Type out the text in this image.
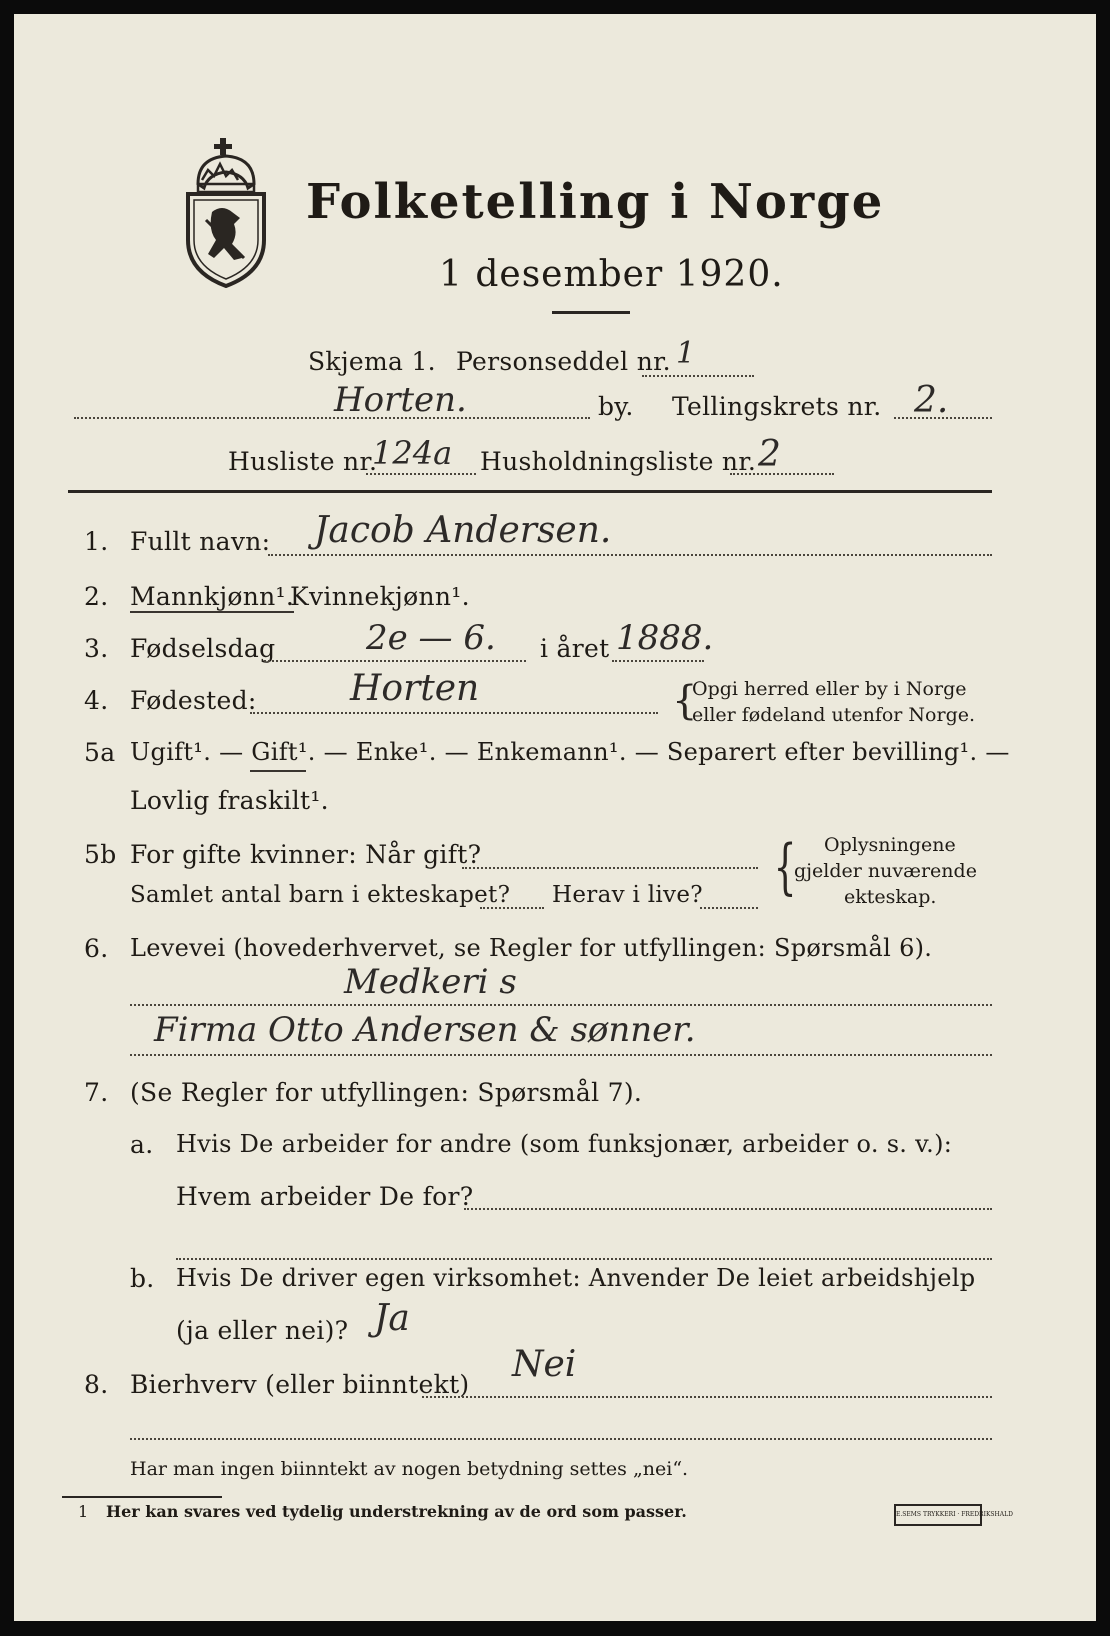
Folketelling i Norge
1 desember 1920.
Skjema 1. Personseddel nr. 1
Horten.	by. Tellingskrets nr. 2.
Husliste nr.
124a Husholdningsliste nr. 2
1. Fullt navn: Jacob Andersen.
2. Mannkjønn¹.
Kvinnekjønn¹.
3. Fødselsdag	2e — 6. i året 1888.
4. Fødested:	Horten	{
Opgi herred eller by i Norge
eller fødeland utenfor Norge.
5a Ugift¹. — Gift¹. — Enke¹. — Enkemann¹. — Separert efter bevilling¹. —
Lovlig fraskilt¹.
5b For gifte kvinner: Når gift?
Samlet antal barn i ekteskapet? Herav i live? { Oplysningene
gjelder nuværende
ekteskap.
6. Levevei (hovederhvervet, se Regler for utfyllingen: Spørsmål 6).
Medkeri s
Firma Otto Andersen & sønner.
7. (Se Regler for utfyllingen: Spørsmål 7).
a. Hvis De arbeider for andre (som funksjonær, arbeider o. s. v.):
Hvem arbeider De for?
b. Hvis De driver egen virksomhet: Anvender De leiet arbeidshjelp
(ja eller nei)? Ja
8. Bierhverv (eller biinntekt) Nei
Har man ingen biinntekt av nogen betydning settes „nei“.
1 Her kan svares ved tydelig understrekning av de ord som passer.	E.SEMS TRYKKERI · FREDRIKSHALD
